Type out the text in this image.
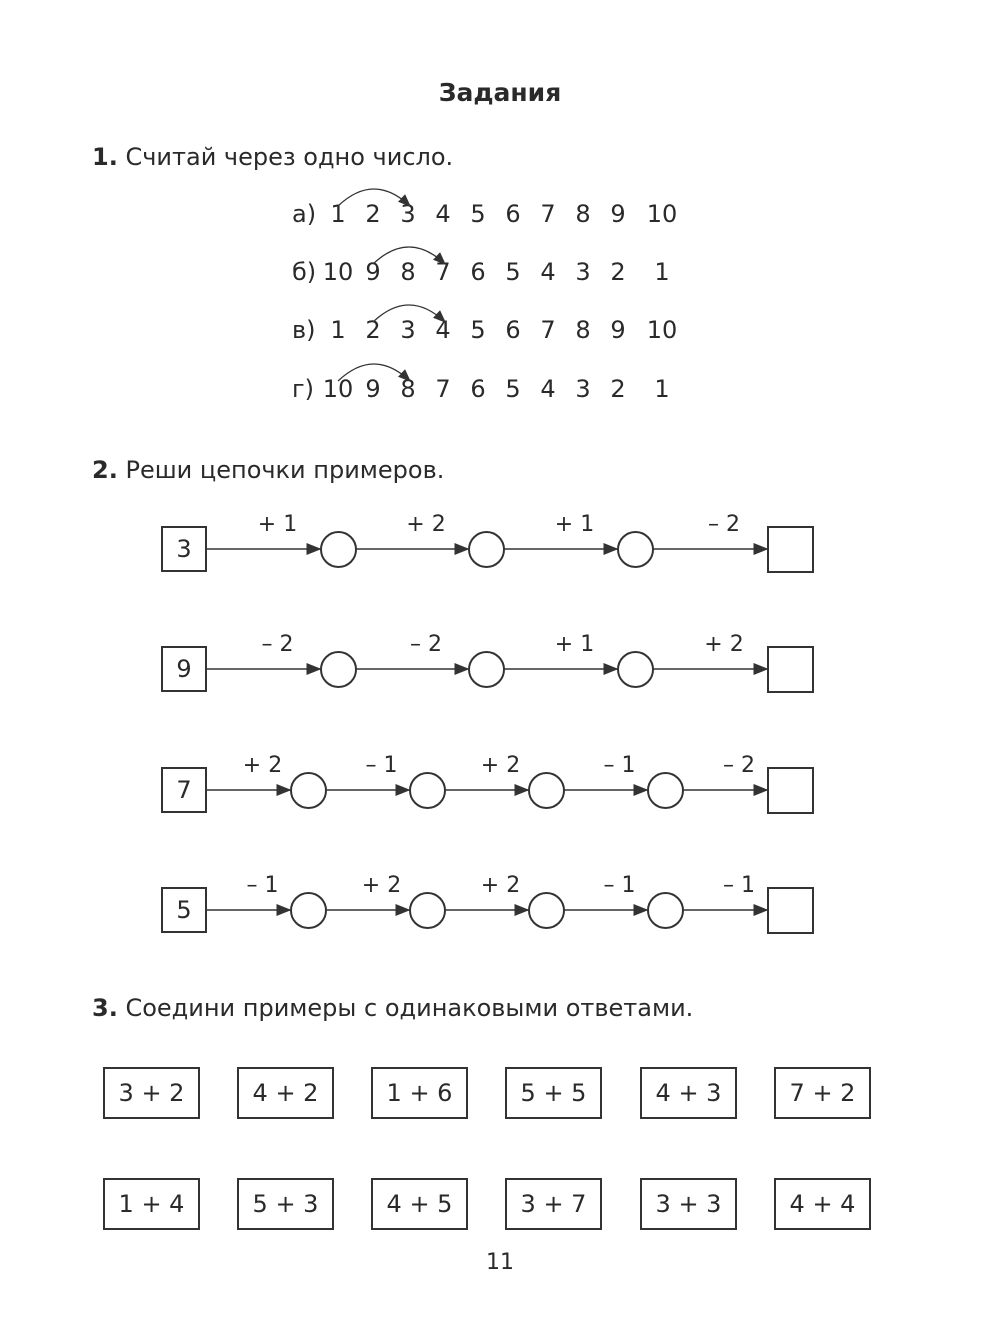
Задания
1. Считай через одно число.
а) 1 2 3 4 5 6 7 8 9 10
б) 10 9 8 7 6 5 4 3 2	1
в) 1 2 3 4 5 6 7 8 9 10
г) 10 9 8 7 6 5 4 3 2	1
2. Реши цепочки примеров.
3
+ 1	+ 2	+ 1	– 2
9
– 2	– 2	+ 1	+ 2
7
+ 2	– 1	+ 2	– 1	– 2
5
– 1	+ 2	+ 2	– 1	– 1
3. Соедини примеры с одинаковыми ответами.
3 + 2	4 + 2	1 + 6	5 + 5	4 + 3	7 + 2
1 + 4	5 + 3	4 + 5	3 + 7	3 + 3	4 + 4
11
